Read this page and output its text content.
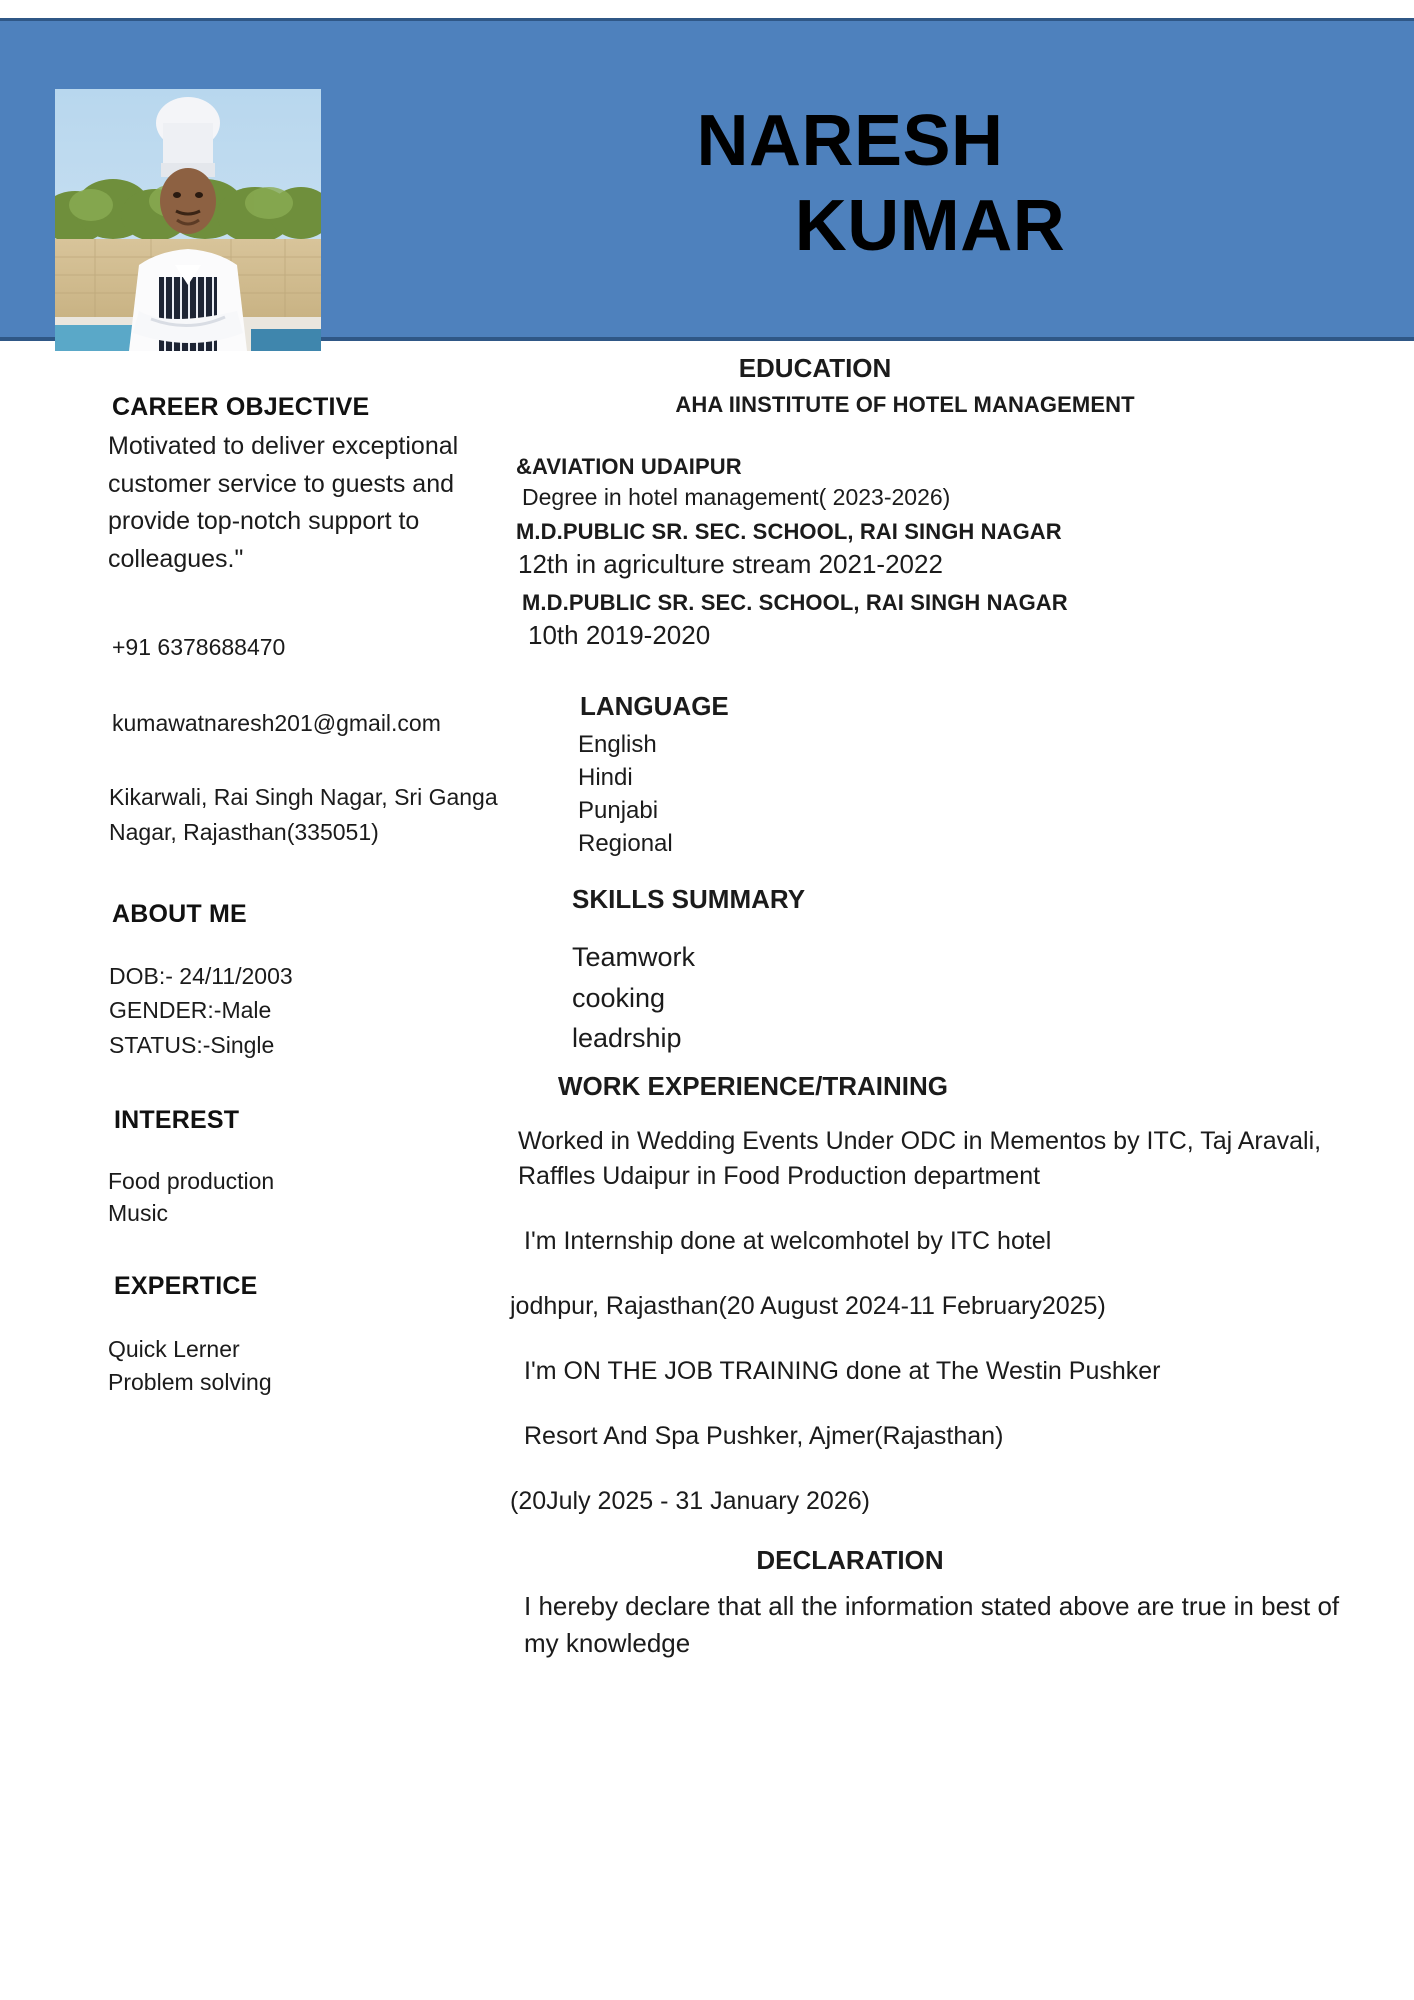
NARESH
KUMAR
CAREER OBJECTIVE
Motivated to deliver exceptional customer service to guests and provide top-notch support to colleagues."
+91 6378688470
kumawatnaresh201@gmail.com
Kikarwali, Rai Singh Nagar, Sri Ganga Nagar, Rajasthan(335051)
ABOUT ME
DOB:- 24/11/2003
GENDER:-Male
STATUS:-Single
INTEREST
Food production
Music
EXPERTICE
Quick Lerner
Problem solving
EDUCATION
AHA IINSTITUTE OF HOTEL MANAGEMENT
&AVIATION UDAIPUR
Degree in hotel management( 2023-2026)
M.D.PUBLIC SR. SEC. SCHOOL, RAI SINGH NAGAR
12th in agriculture stream 2021-2022
M.D.PUBLIC SR. SEC. SCHOOL, RAI SINGH NAGAR
10th 2019-2020
LANGUAGE
English
Hindi
Punjabi
Regional
SKILLS SUMMARY
Teamwork
cooking
leadrship
WORK EXPERIENCE/TRAINING
Worked in Wedding Events Under ODC in Mementos by ITC, Taj Aravali, Raffles Udaipur in Food Production department
I'm Internship done at welcomhotel by ITC hotel
jodhpur, Rajasthan(20 August 2024-11 February2025)
I'm ON THE JOB TRAINING done at The Westin Pushker
Resort And Spa Pushker, Ajmer(Rajasthan)
(20July 2025 - 31 January 2026)
DECLARATION
I hereby declare that all the information stated above are true in best of my knowledge
